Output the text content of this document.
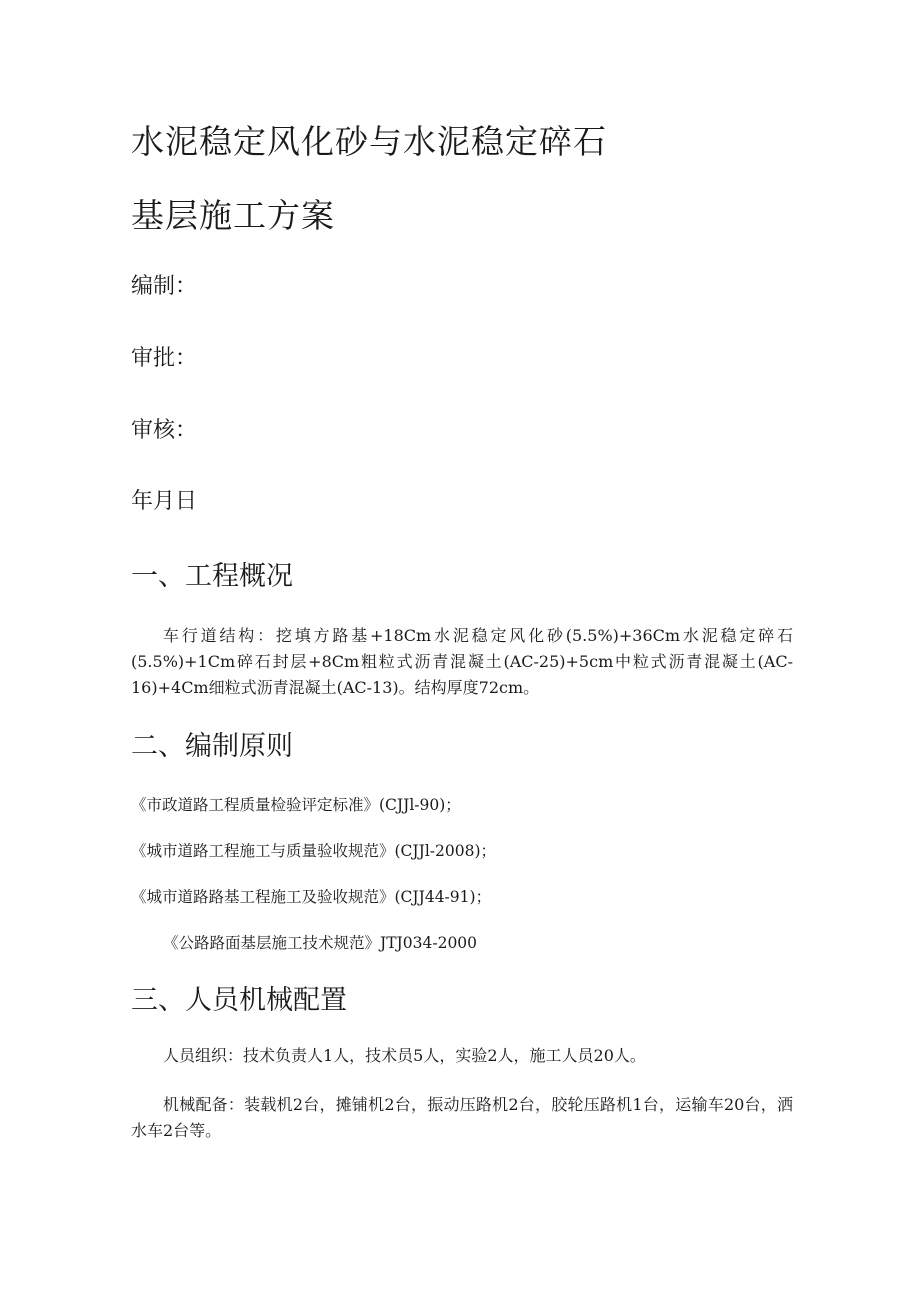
水泥稳定风化砂与水泥稳定碎石
基层施工方案
编制：
审批：
审核：
年月日
一、工程概况
车行道结构：挖填方路基+18Cm水泥稳定风化砂(5.5%)+36Cm水泥稳定碎石(5.5%)+1Cm碎石封层+8Cm粗粒式沥青混凝土(AC-25)+5cm中粒式沥青混凝土(AC-16)+4Cm细粒式沥青混凝土(AC-13)。结构厚度72cm。
二、编制原则
《市政道路工程质量检验评定标准》(CJJl-90)；
《城市道路工程施工与质量验收规范》(CJJl-2008)；
《城市道路路基工程施工及验收规范》(CJJ44-91)；
《公路路面基层施工技术规范》JTJ034-2000
三、人员机械配置
人员组织：技术负责人1人，技术员5人，实验2人，施工人员20人。
机械配备：装载机2台，摊铺机2台，振动压路机2台，胶轮压路机1台，运输车20台，洒水车2台等。
